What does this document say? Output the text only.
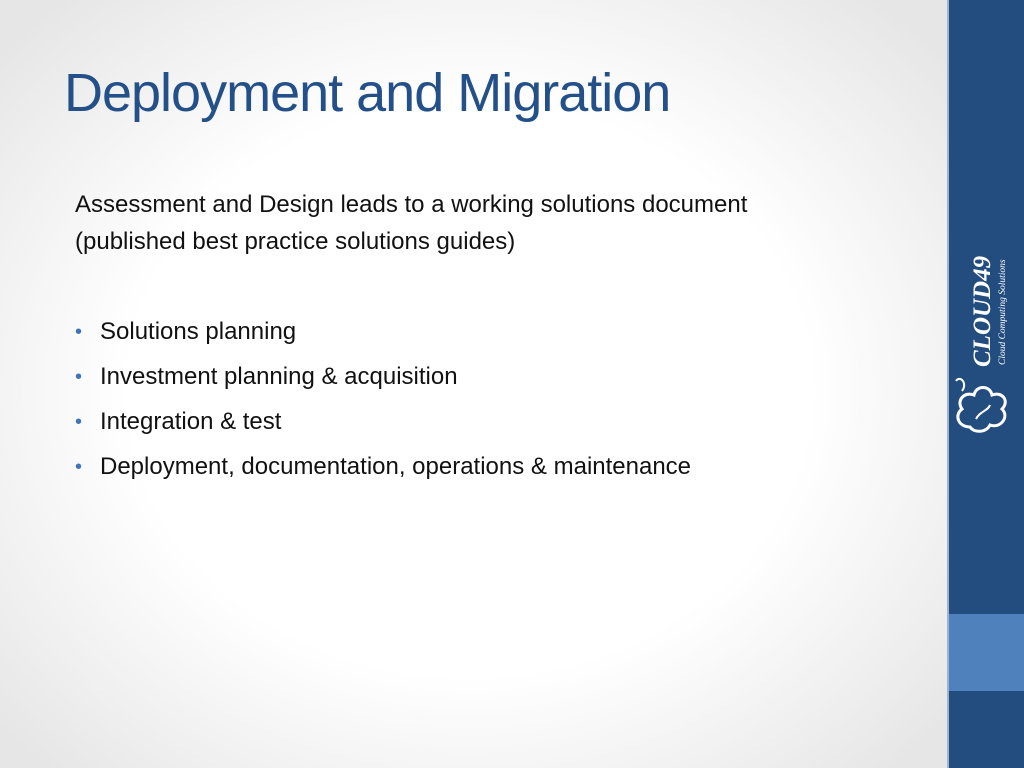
Deployment and Migration

Assessment and Design leads to a working solutions document
(published best practice solutions guides)

• Solutions planning
• Investment planning & acquisition
• Integration & test
• Deployment, documentation, operations & maintenance
CLOUD49 Cloud Computing Solutions
